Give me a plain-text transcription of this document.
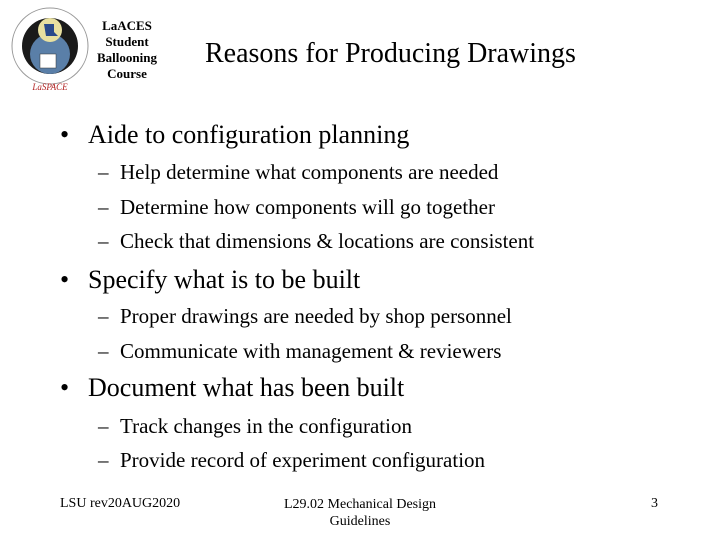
LaSPACE
LaACES
Student
Ballooning
Course
Reasons for Producing Drawings
• Aide to configuration planning
– Help determine what components are needed
– Determine how components will go together
– Check that dimensions & locations are consistent
• Specify what is to be built
– Proper drawings are needed by shop personnel
– Communicate with management & reviewers
• Document what has been built
– Track changes in the configuration
– Provide record of experiment configuration
LSU rev20AUG2020	L29.02 Mechanical Design
Guidelines
3
